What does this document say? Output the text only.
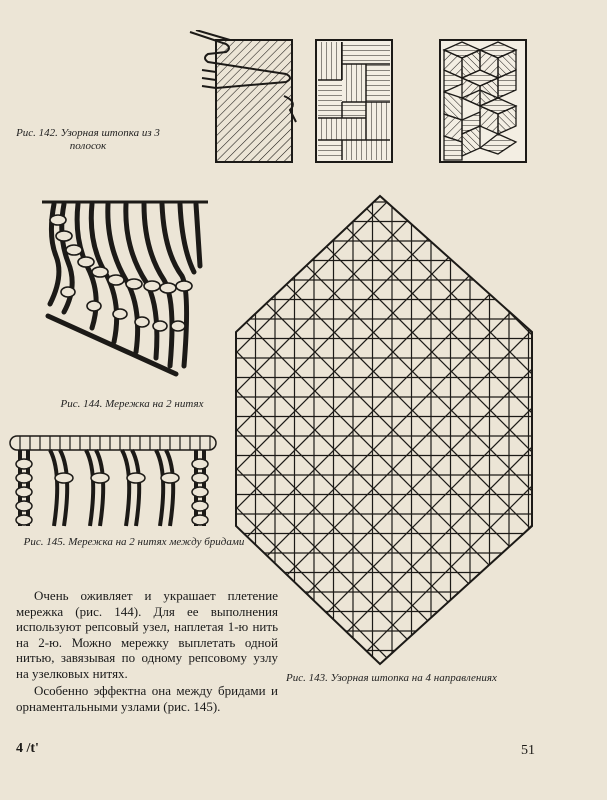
Рис. 142. Узорная штопка из 3 полосок
Рис. 144. Мережка на 2 нитях
Рис. 145. Мережка на 2 нитях между бридами
Рис. 143. Узорная штопка на 4 направлениях

Очень оживляет и украшает плетение мережка (рис. 144). Для ее выполнения используют репсовый узел, наплетая 1-ю нить на 2-ю. Можно мережку выплетать одной нитью, завязывая по одному репсовому узлу на узелковых нитях.

Особенно эффектна она между бридами и орнаментальными узлами (рис. 145).

4 /t'	51
